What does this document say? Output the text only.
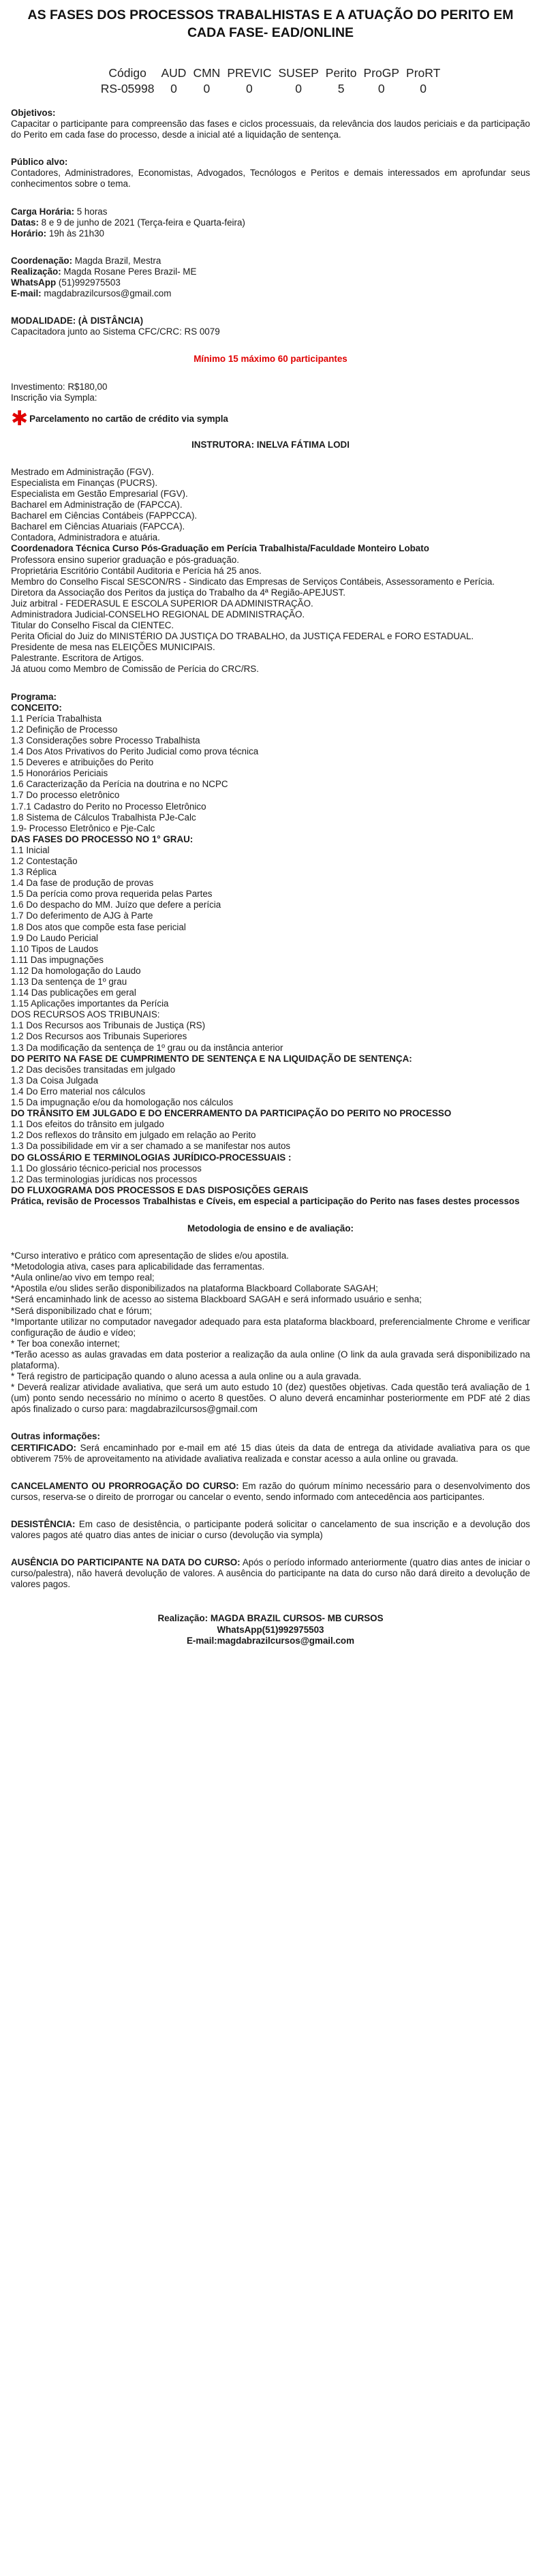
AS FASES DOS PROCESSOS TRABALHISTAS E A ATUAÇÃO DO PERITO EM CADA FASE- EAD/ONLINE
Código	AUD	CMN	PREVIC	SUSEP	Perito	ProGP	ProRT
RS-05998	0	0	0	0	5	0	0

Objetivos:

Capacitar o participante para compreensão das fases e ciclos processuais, da relevância dos laudos periciais e da participação do Perito em cada fase do processo, desde a inicial até a liquidação de sentença.

Público alvo:

Contadores, Administradores, Economistas, Advogados, Tecnólogos e Peritos e demais interessados em aprofundar seus conhecimentos sobre o tema.

Carga Horária: 5 horas

Datas: 8 e 9 de junho de 2021 (Terça-feira e Quarta-feira)

Horário: 19h às 21h30

Coordenação: Magda Brazil, Mestra

Realização: Magda Rosane Peres Brazil- ME

WhatsApp (51)992975503

E-mail: magdabrazilcursos@gmail.com

MODALIDADE: (À DISTÂNCIA)

Capacitadora junto ao Sistema CFC/CRC: RS 0079

Mínimo 15 máximo 60 participantes

Investimento: R$180,00

Inscrição via Sympla:

✱ Parcelamento no cartão de crédito via sympla

INSTRUTORA: INELVA FÁTIMA LODI

Mestrado em Administração (FGV).
Especialista em Finanças (PUCRS).
Especialista em Gestão Empresarial (FGV).
Bacharel em Administração de (FAPCCA).
Bacharel em Ciências Contábeis (FAPPCCA).
Bacharel em Ciências Atuariais (FAPCCA).
Contadora, Administradora e atuária.

Coordenadora Técnica Curso Pós-Graduação em Perícia Trabalhista/Faculdade Monteiro Lobato

Professora ensino superior graduação e pós-graduação.
Proprietária Escritório Contábil Auditoria e Perícia há 25 anos.
Membro do Conselho Fiscal SESCON/RS - Sindicato das Empresas de Serviços Contábeis, Assessoramento e Perícia.
Diretora da Associação dos Peritos da justiça do Trabalho da 4ª Região-APEJUST.
Juiz arbitral - FEDERASUL E ESCOLA SUPERIOR DA ADMINISTRAÇÃO.
Administradora Judicial-CONSELHO REGIONAL DE ADMINISTRAÇÃO.
Titular do Conselho Fiscal da CIENTEC.
Perita Oficial do Juiz do MINISTÉRIO DA JUSTIÇA DO TRABALHO, da JUSTIÇA FEDERAL e FORO ESTADUAL.
Presidente de mesa nas ELEIÇÕES MUNICIPAIS.
Palestrante. Escritora de Artigos.
Já atuou como Membro de Comissão de Perícia do CRC/RS.

Programa:

CONCEITO:

1.1 Perícia Trabalhista
1.2 Definição de Processo
1.3 Considerações sobre Processo Trabalhista
1.4 Dos Atos Privativos do Perito Judicial como prova técnica
1.5 Deveres e atribuições do Perito
1.5 Honorários Periciais
1.6 Caracterização da Perícia na doutrina e no NCPC
1.7 Do processo eletrônico
1.7.1 Cadastro do Perito no Processo Eletrônico
1.8 Sistema de Cálculos Trabalhista PJe-Calc
1.9- Processo Eletrônico e Pje-Calc

DAS FASES DO PROCESSO NO 1° GRAU:

1.1 Inicial
1.2 Contestação
1.3 Réplica
1.4 Da fase de produção de provas
1.5 Da perícia como prova requerida pelas Partes
1.6 Do despacho do MM. Juízo que defere a perícia
1.7 Do deferimento de AJG à Parte
1.8 Dos atos que compõe esta fase pericial
1.9 Do Laudo Pericial
1.10 Tipos de Laudos
1.11 Das impugnações
1.12 Da homologação do Laudo
1.13 Da sentença de 1º grau
1.14 Das publicações em geral
1.15 Aplicações importantes da Perícia
DOS RECURSOS AOS TRIBUNAIS:
1.1 Dos Recursos aos Tribunais de Justiça (RS)
1.2 Dos Recursos aos Tribunais Superiores
1.3 Da modificação da sentença de 1º grau ou da instância anterior

DO PERITO NA FASE DE CUMPRIMENTO DE SENTENÇA E NA LIQUIDAÇÃO DE SENTENÇA:

1.2 Das decisões transitadas em julgado
1.3 Da Coisa Julgada
1.4 Do Erro material nos cálculos
1.5 Da impugnação e/ou da homologação nos cálculos

DO TRÂNSITO EM JULGADO E DO ENCERRAMENTO DA PARTICIPAÇÃO DO PERITO NO PROCESSO

1.1 Dos efeitos do trânsito em julgado
1.2 Dos reflexos do trânsito em julgado em relação ao Perito
1.3 Da possibilidade em vir a ser chamado a se manifestar nos autos

DO GLOSSÁRIO E TERMINOLOGIAS JURÍDICO-PROCESSUAIS :

1.1 Do glossário técnico-pericial nos processos
1.2 Das terminologias jurídicas nos processos

DO FLUXOGRAMA DOS PROCESSOS E DAS DISPOSIÇÕES GERAIS

Prática, revisão de Processos Trabalhistas e Cíveis, em especial a participação do Perito nas fases destes processos

Metodologia de ensino e de avaliação:

*Curso interativo e prático com apresentação de slides e/ou apostila.
*Metodologia ativa, cases para aplicabilidade das ferramentas.
*Aula online/ao vivo em tempo real;
*Apostila e/ou slides serão disponibilizados na plataforma Blackboard Collaborate SAGAH;
*Será encaminhado link de acesso ao sistema Blackboard SAGAH e será informado usuário e senha;
*Será disponibilizado chat e fórum;
*Importante utilizar no computador navegador adequado para esta plataforma blackboard, preferencialmente Chrome e verificar configuração de áudio e vídeo;
* Ter boa conexão internet;
*Terão acesso as aulas gravadas em data posterior a realização da aula online (O link da aula gravada será disponibilizado na plataforma).
* Terá registro de participação quando o aluno acessa a aula online ou a aula gravada.
* Deverá realizar atividade avaliativa, que será um auto estudo 10 (dez) questões objetivas. Cada questão terá avaliação de 1 (um) ponto sendo necessário no mínimo o acerto 8 questões. O aluno deverá encaminhar posteriormente em PDF até 2 dias após finalizado o curso para: magdabrazilcursos@gmail.com

Outras informações:

CERTIFICADO: Será encaminhado por e-mail em até 15 dias úteis da data de entrega da atividade avaliativa para os que obtiverem 75% de aproveitamento na atividade avaliativa realizada e constar acesso a aula online ou gravada.

CANCELAMENTO OU PRORROGAÇÃO DO CURSO: Em razão do quórum mínimo necessário para o desenvolvimento dos cursos, reserva-se o direito de prorrogar ou cancelar o evento, sendo informado com antecedência aos participantes.

DESISTÊNCIA: Em caso de desistência, o participante poderá solicitar o cancelamento de sua inscrição e a devolução dos valores pagos até quatro dias antes de iniciar o curso (devolução via sympla)

AUSÊNCIA DO PARTICIPANTE NA DATA DO CURSO: Após o período informado anteriormente (quatro dias antes de iniciar o curso/palestra), não haverá devolução de valores. A ausência do participante na data do curso não dará direito a devolução de valores pagos.

Realização: MAGDA BRAZIL CURSOS- MB CURSOS

WhatsApp(51)992975503

E-mail:magdabrazilcursos@gmail.com
